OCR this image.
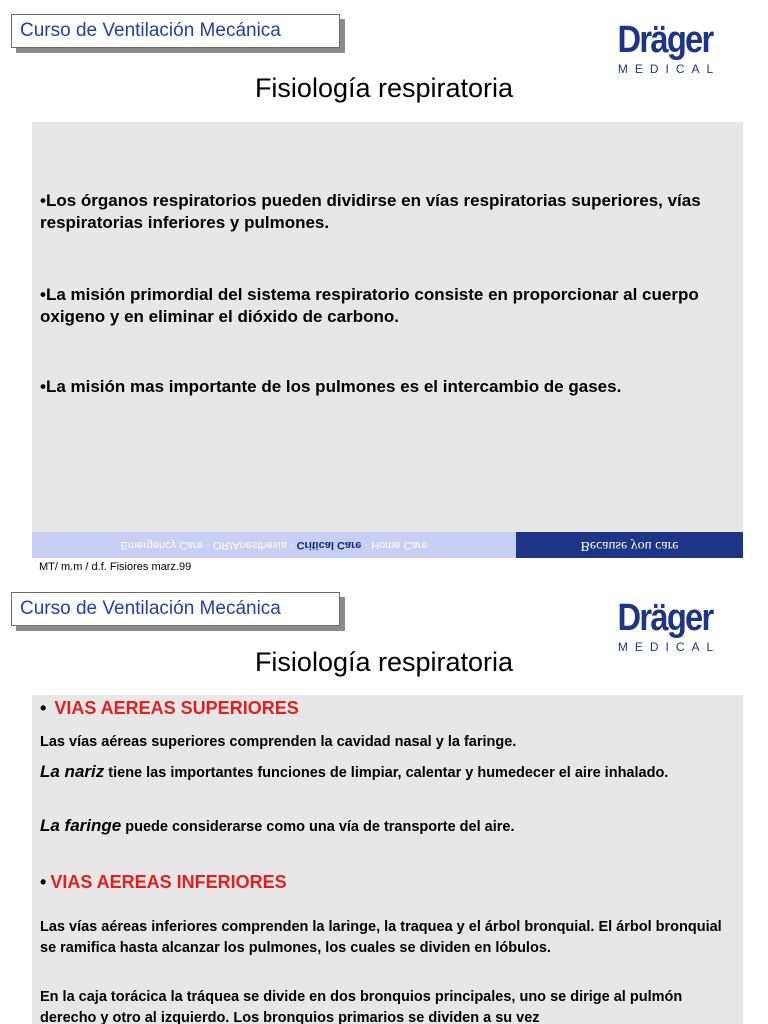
Curso de Ventilación Mecánica	Dräger
MEDICAL
Fisiología respiratoria

•Los órganos respiratorios pueden dividirse en vías respiratorias superiores, vías respiratorias inferiores y pulmones.

•La misión primordial del sistema respiratorio consiste en proporcionar al cuerpo oxigeno y en eliminar el dióxido de carbono.

•La misión mas importante de los pulmones es el intercambio de gases.

Emergency Care · OR/Anesthesia · Critical Care · Home Care	Because you care
MT/ m.m / d.f. Fisiores marz.99
Curso de Ventilación Mecánica	Dräger
MEDICAL
Fisiología respiratoria
• VIAS AEREAS SUPERIORES

Las vías aéreas superiores comprenden la cavidad nasal y la faringe.

La nariz tiene las importantes funciones de limpiar, calentar y humedecer el aire inhalado.

La faringe puede considerarse como una vía de transporte del aire.

• VIAS AEREAS INFERIORES

Las vías aéreas inferiores comprenden la laringe, la traquea y el árbol bronquial. El árbol bronquial se ramifica hasta alcanzar los pulmones, los cuales se dividen en lóbulos.

En la caja torácica la tráquea se divide en dos bronquios principales, uno se dirige al pulmón derecho y otro al izquierdo. Los bronquios primarios se dividen a su vez
